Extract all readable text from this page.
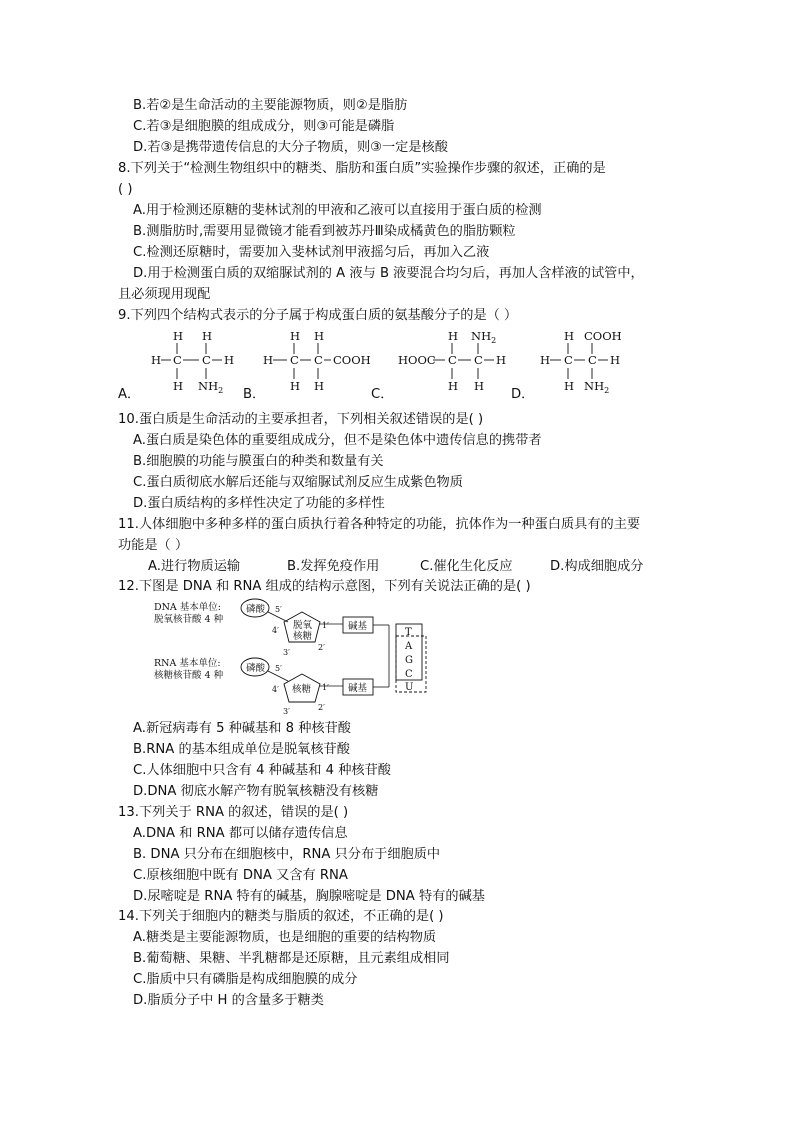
B.若②是生命活动的主要能源物质，则②是脂肪
C.若③是细胞膜的组成成分，则③可能是磷脂
D.若③是携带遗传信息的大分子物质，则③一定是核酸
8.下列关于“检测生物组织中的糖类、脂肪和蛋白质”实验操作步骤的叙述，正确的是
( )
A.用于检测还原糖的斐林试剂的甲液和乙液可以直接用于蛋白质的检测
B.测脂肪时,需要用显微镜才能看到被苏丹Ⅲ染成橘黄色的脂肪颗粒
C.检测还原糖时，需要加入斐林试剂甲液摇匀后，再加入乙液
D.用于检测蛋白质的双缩脲试剂的 A 液与 B 液要混合均匀后，再加人含样液的试管中，
且必须现用现配
9.下列四个结构式表示的分子属于构成蛋白质的氨基酸分子的是（ ）
H H
H C C H
H $NH_2$
H H
H C C COOH
H H
H $NH_2$
HOOC C C H
H H
H COOH
H C C H
H $NH_2$
A．	B．	C．	D．
10.蛋白质是生命活动的主要承担者，下列相关叙述错误的是( )
A.蛋白质是染色体的重要组成成分，但不是染色体中遗传信息的携带者
B.细胞膜的功能与膜蛋白的种类和数量有关
C.蛋白质彻底水解后还能与双缩脲试剂反应生成紫色物质
D.蛋白质结构的多样性决定了功能的多样性
11.人体细胞中多种多样的蛋白质执行着各种特定的功能，抗体作为一种蛋白质具有的主要
功能是（ ）
A.进行物质运输	B.发挥免疫作用	C.催化生化反应	D.构成细胞成分
12.下图是 DNA 和 RNA 组成的结构示意图，下列有关说法正确的是( )
DNA 基本单位:
脱氧核苷酸 4 种
磷酸 5′
4′ 脱氧
核糖
1′
3′
2′
碱基
T
A
G
C
U
RNA 基本单位:
核糖核苷酸 4 种
磷酸 5′
4′ 核糖 1′
3′	2′
碱基
A.新冠病毒有 5 种碱基和 8 种核苷酸
B.RNA 的基本组成单位是脱氧核苷酸
C.人体细胞中只含有 4 种碱基和 4 种核苷酸
D.DNA 彻底水解产物有脱氧核糖没有核糖
13.下列关于 RNA 的叙述，错误的是( )
A.DNA 和 RNA 都可以储存遗传信息
B. DNA 只分布在细胞核中，RNA 只分布于细胞质中
C.原核细胞中既有 DNA 又含有 RNA
D.尿嘧啶是 RNA 特有的碱基，胸腺嘧啶是 DNA 特有的碱基
14.下列关于细胞内的糖类与脂质的叙述，不正确的是( )
A.糖类是主要能源物质，也是细胞的重要的结构物质
B.葡萄糖、果糖、半乳糖都是还原糖，且元素组成相同
C.脂质中只有磷脂是构成细胞膜的成分
D.脂质分子中 H 的含量多于糖类
